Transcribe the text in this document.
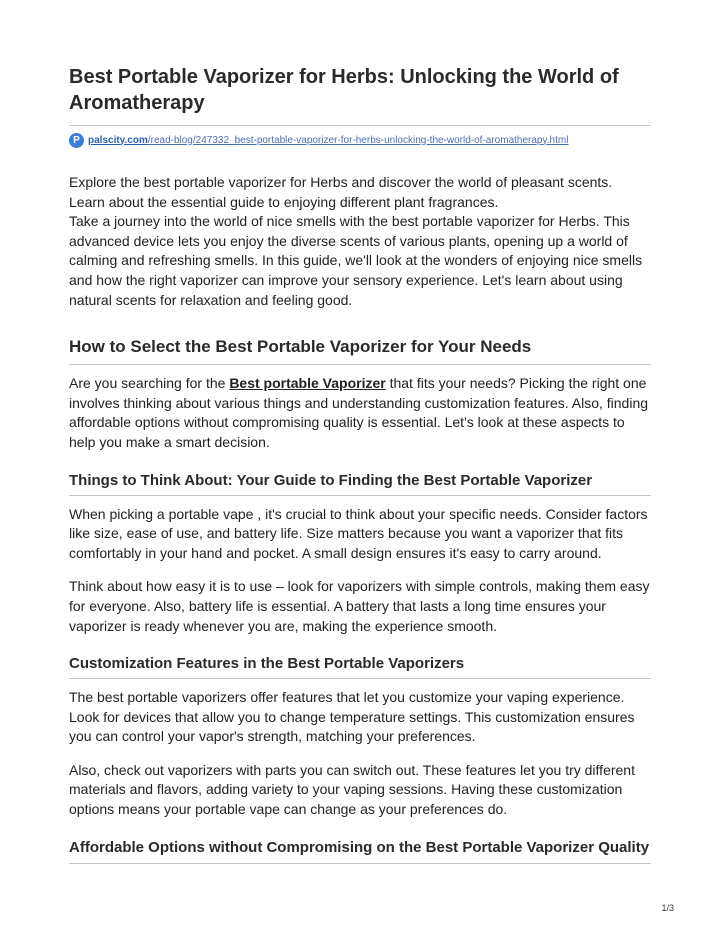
Best Portable Vaporizer for Herbs: Unlocking the World of Aromatherapy
P palscity.com/read-blog/247332_best-portable-vaporizer-for-herbs-unlocking-the-world-of-aromatherapy.html

Explore the best portable vaporizer for Herbs and discover the world of pleasant scents. Learn about the essential guide to enjoying different plant fragrances.

Take a journey into the world of nice smells with the best portable vaporizer for Herbs. This advanced device lets you enjoy the diverse scents of various plants, opening up a world of calming and refreshing smells. In this guide, we'll look at the wonders of enjoying nice smells and how the right vaporizer can improve your sensory experience. Let's learn about using natural scents for relaxation and feeling good.

How to Select the Best Portable Vaporizer for Your Needs

Are you searching for the Best portable Vaporizer that fits your needs? Picking the right one involves thinking about various things and understanding customization features. Also, finding affordable options without compromising quality is essential. Let's look at these aspects to help you make a smart decision.

Things to Think About: Your Guide to Finding the Best Portable Vaporizer

When picking a portable vape , it's crucial to think about your specific needs. Consider factors like size, ease of use, and battery life. Size matters because you want a vaporizer that fits comfortably in your hand and pocket. A small design ensures it's easy to carry around.

Think about how easy it is to use – look for vaporizers with simple controls, making them easy for everyone. Also, battery life is essential. A battery that lasts a long time ensures your vaporizer is ready whenever you are, making the experience smooth.

Customization Features in the Best Portable Vaporizers

The best portable vaporizers offer features that let you customize your vaping experience. Look for devices that allow you to change temperature settings. This customization ensures you can control your vapor's strength, matching your preferences.

Also, check out vaporizers with parts you can switch out. These features let you try different materials and flavors, adding variety to your vaping sessions. Having these customization options means your portable vape can change as your preferences do.

Affordable Options without Compromising on the Best Portable Vaporizer Quality
1/3
